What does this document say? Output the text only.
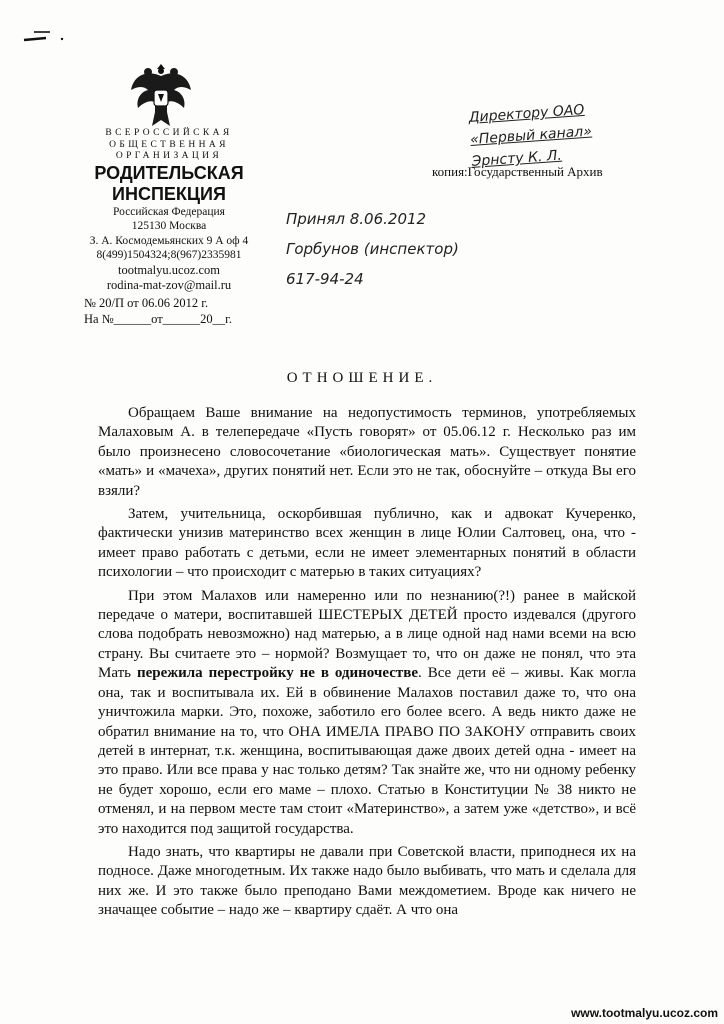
ВСЕРОССИЙСКАЯ

ОБЩЕСТВЕННАЯ

ОРГАНИЗАЦИЯ

РОДИТЕЛЬСКАЯ

ИНСПЕКЦИЯ

Российская Федерация

125130 Москва

З. А. Космодемьянских 9 А оф 4

8(499)1504324;8(967)2335981

tootmalyu.ucoz.com

rodina-mat-zov@mail.ru

№ 20/П от 06.06 2012 г.

На №______от______20__г.

Директору ОАО

«Первый канал»

Эрнсту К. Л.

копия:Государственный Архив

Принял 8.06.2012

Горбунов (инспектор)

617-94-24

ОТНОШЕНИЕ.

Обращаем Ваше внимание на недопустимость терминов, употребляемых Малаховым А. в телепередаче «Пусть говорят» от 05.06.12 г. Несколько раз им было произнесено словосочетание «биологическая мать». Существует понятие «мать» и «мачеха», других понятий нет. Если это не так, обоснуйте – откуда Вы его взяли?

Затем, учительница, оскорбившая публично, как и адвокат Кучеренко, фактически унизив материнство всех женщин в лице Юлии Салтовец, она, что - имеет право работать с детьми, если не имеет элементарных понятий в области психологии – что происходит с матерью в таких ситуациях?

При этом Малахов или намеренно или по незнанию(?!) ранее в майской передаче о матери, воспитавшей ШЕСТЕРЫХ ДЕТЕЙ просто издевался (другого слова подобрать невозможно) над матерью, а в лице одной над нами всеми на всю страну. Вы считаете это – нормой? Возмущает то, что он даже не понял, что эта Мать пережила перестройку не в одиночестве. Все дети её – живы. Как могла она, так и воспитывала их. Ей в обвинение Малахов поставил даже то, что она уничтожила марки. Это, похоже, заботило его более всего. А ведь никто даже не обратил внимание на то, что ОНА ИМЕЛА ПРАВО ПО ЗАКОНУ отправить своих детей в интернат, т.к. женщина, воспитывающая даже двоих детей одна - имеет на это право. Или все права у нас только детям? Так знайте же, что ни одному ребенку не будет хорошо, если его маме – плохо. Статью в Конституции № 38 никто не отменял, и на первом месте там стоит «Материнство», а затем уже «детство», и всё это находится под защитой государства.

Надо знать, что квартиры не давали при Советской власти, приподнеся их на подносе. Даже многодетным. Их также надо было выбивать, что мать и сделала для них же. И это также было преподано Вами междометием. Вроде как ничего не значащее событие – надо же – квартиру сдаёт. А что она

www.tootmalyu.ucoz.com
